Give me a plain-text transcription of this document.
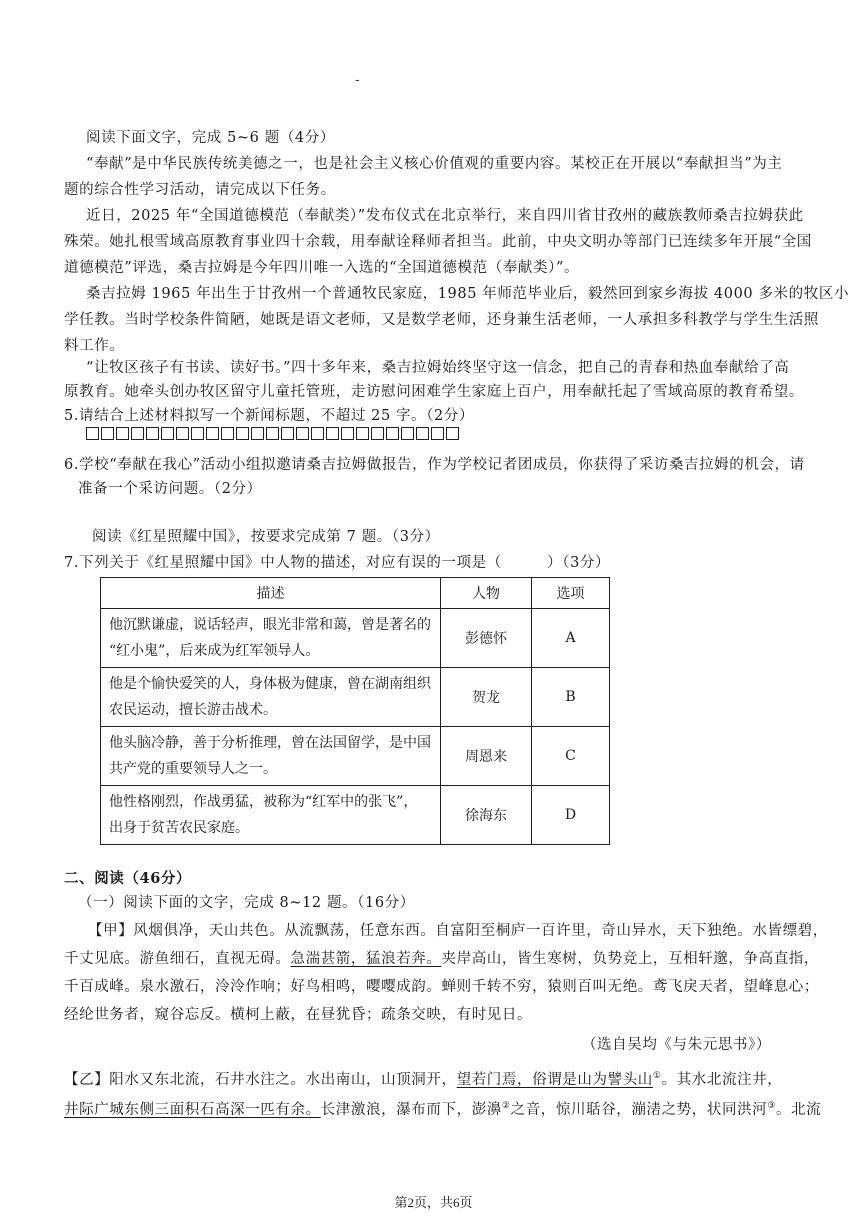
-
阅读下面文字，完成 5~6 题（4分）
“奉献”是中华民族传统美德之一，也是社会主义核心价值观的重要内容。某校正在开展以“奉献担当”为主
题的综合性学习活动，请完成以下任务。
近日，2025 年“全国道德模范（奉献类）”发布仪式在北京举行，来自四川省甘孜州的藏族教师桑吉拉姆获此
殊荣。她扎根雪域高原教育事业四十余载，用奉献诠释师者担当。此前，中央文明办等部门已连续多年开展“全国
道德模范”评选，桑吉拉姆是今年四川唯一入选的“全国道德模范（奉献类）”。
桑吉拉姆 1965 年出生于甘孜州一个普通牧民家庭，1985 年师范毕业后，毅然回到家乡海拔 4000 多米的牧区小
学任教。当时学校条件简陋，她既是语文老师，又是数学老师，还身兼生活老师，一人承担多科教学与学生生活照
料工作。
“让牧区孩子有书读、读好书。”四十多年来，桑吉拉姆始终坚守这一信念，把自己的青春和热血奉献给了高
原教育。她牵头创办牧区留守儿童托管班，走访慰问困难学生家庭上百户，用奉献托起了雪域高原的教育希望。
5.请结合上述材料拟写一个新闻标题，不超过 25 字。（2分）
6.学校“奉献在我心”活动小组拟邀请桑吉拉姆做报告，作为学校记者团成员，你获得了采访桑吉拉姆的机会，请
准备一个采访问题。（2分）
阅读《红星照耀中国》，按要求完成第 7 题。（3分）
7.下列关于《红星照耀中国》中人物的描述，对应有误的一项是（　　　）（3分）
描述	人物	选项

他沉默谦虚，说话轻声，眼光非常和蔼，曾是著名的
“红小鬼”，后来成为红军领导人。	彭德怀	A

他是个愉快爱笑的人，身体极为健康，曾在湖南组织
农民运动，擅长游击战术。	贺龙	B

他头脑冷静，善于分析推理，曾在法国留学，是中国
共产党的重要领导人之一。	周恩来	C

他性格刚烈，作战勇猛，被称为“红军中的张飞”，
出身于贫苦农民家庭。	徐海东	D
二、阅读（46分）
（一）阅读下面的文字，完成 8~12 题。（16分）
【甲】风烟俱净，天山共色。从流飘荡，任意东西。自富阳至桐庐一百许里，奇山异水，天下独绝。水皆缥碧，
千丈见底。游鱼细石，直视无碍。急湍甚箭，猛浪若奔。夹岸高山，皆生寒树，负势竞上，互相轩邈，争高直指，
千百成峰。泉水激石，泠泠作响；好鸟相鸣，嘤嘤成韵。蝉则千转不穷，猿则百叫无绝。鸢飞戾天者，望峰息心；
经纶世务者，窥谷忘反。横柯上蔽，在昼犹昏；疏条交映，有时见日。
（选自吴均《与朱元思书》）
【乙】阳水又东北流，石井水注之。水出南山，山顶洞开，望若门焉，俗谓是山为譬头山①。其水北流注井，
井际广城东侧三面积石高深一匹有余。长津激浪，瀑布而下，澎濞②之音，惊川聒谷，漰湱之势，状同洪河③。北流
第2页，共6页
